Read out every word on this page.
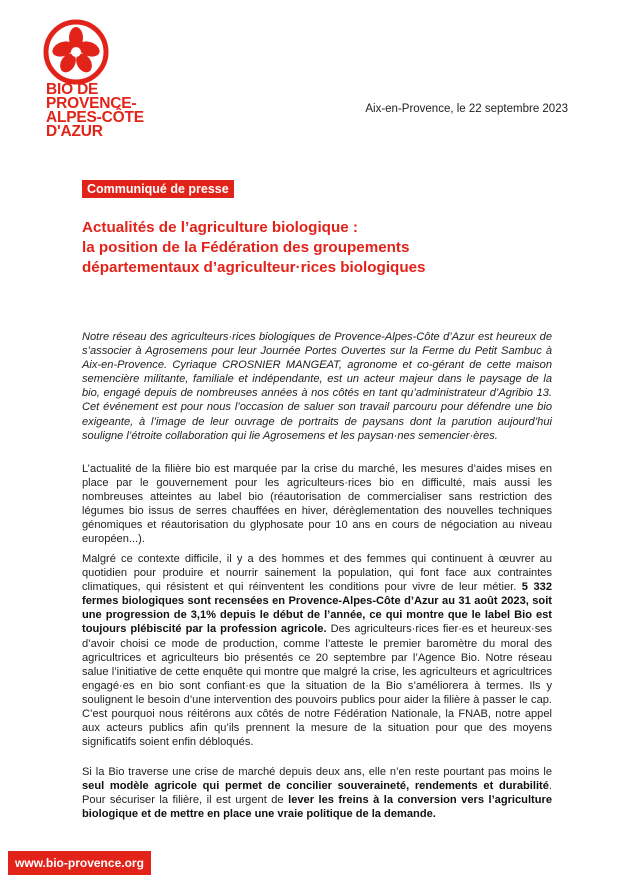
BIO DE
PROVENCE-
ALPES-CÔTE
D'AZUR
Aix-en-Provence, le 22 septembre 2023
Communiqué de presse
Actualités de l’agriculture biologique :
la position de la Fédération des groupements
départementaux d’agriculteur·rices biologiques
Notre réseau des agriculteurs·rices biologiques de Provence-Alpes-Côte d’Azur est heureux de s’associer à Agrosemens pour leur Journée Portes Ouvertes sur la Ferme du Petit Sambuc à Aix-en-Provence. Cyriaque CROSNIER MANGEAT, agronome et co-gérant de cette maison semencière militante, familiale et indépendante, est un acteur majeur dans le paysage de la bio, engagé depuis de nombreuses années à nos côtés en tant qu’administrateur d’Agribio 13. Cet événement est pour nous l’occasion de saluer son travail parcouru pour défendre une bio exigeante, à l’image de leur ouvrage de portraits de paysans dont la parution aujourd’hui souligne l’étroite collaboration qui lie Agrosemens et les paysan·nes semencier·ères.
L’actualité de la filière bio est marquée par la crise du marché, les mesures d’aides mises en place par le gouvernement pour les agriculteurs·rices bio en difficulté, mais aussi les nombreuses atteintes au label bio (réautorisation de commercialiser sans restriction des légumes bio issus de serres chauffées en hiver, dérèglementation des nouvelles techniques génomiques et réautorisation du glyphosate pour 10 ans en cours de négociation au niveau européen...).
Malgré ce contexte difficile, il y a des hommes et des femmes qui continuent à œuvrer au quotidien pour produire et nourrir sainement la population, qui font face aux contraintes climatiques, qui résistent et qui réinventent les conditions pour vivre de leur métier. 5 332 fermes biologiques sont recensées en Provence-Alpes-Côte d’Azur au 31 août 2023, soit une progression de 3,1% depuis le début de l’année, ce qui montre que le label Bio est toujours plébiscité par la profession agricole. Des agriculteurs·rices fier·es et heureux·ses d’avoir choisi ce mode de production, comme l’atteste le premier baromètre du moral des agricultrices et agriculteurs bio présentés ce 20 septembre par l’Agence Bio. Notre réseau salue l’initiative de cette enquête qui montre que malgré la crise, les agriculteurs et agricultrices engagé·es en bio sont confiant·es que la situation de la Bio s’améliorera à termes. Ils y soulignent le besoin d’une intervention des pouvoirs publics pour aider la filière à passer le cap. C’est pourquoi nous réitérons aux côtés de notre Fédération Nationale, la FNAB, notre appel aux acteurs publics afin qu’ils prennent la mesure de la situation pour que des moyens significatifs soient enfin débloqués.
Si la Bio traverse une crise de marché depuis deux ans, elle n’en reste pourtant pas moins le seul modèle agricole qui permet de concilier souveraineté, rendements et durabilité. Pour sécuriser la filière, il est urgent de lever les freins à la conversion vers l’agriculture biologique et de mettre en place une vraie politique de la demande.
www.bio-provence.org
